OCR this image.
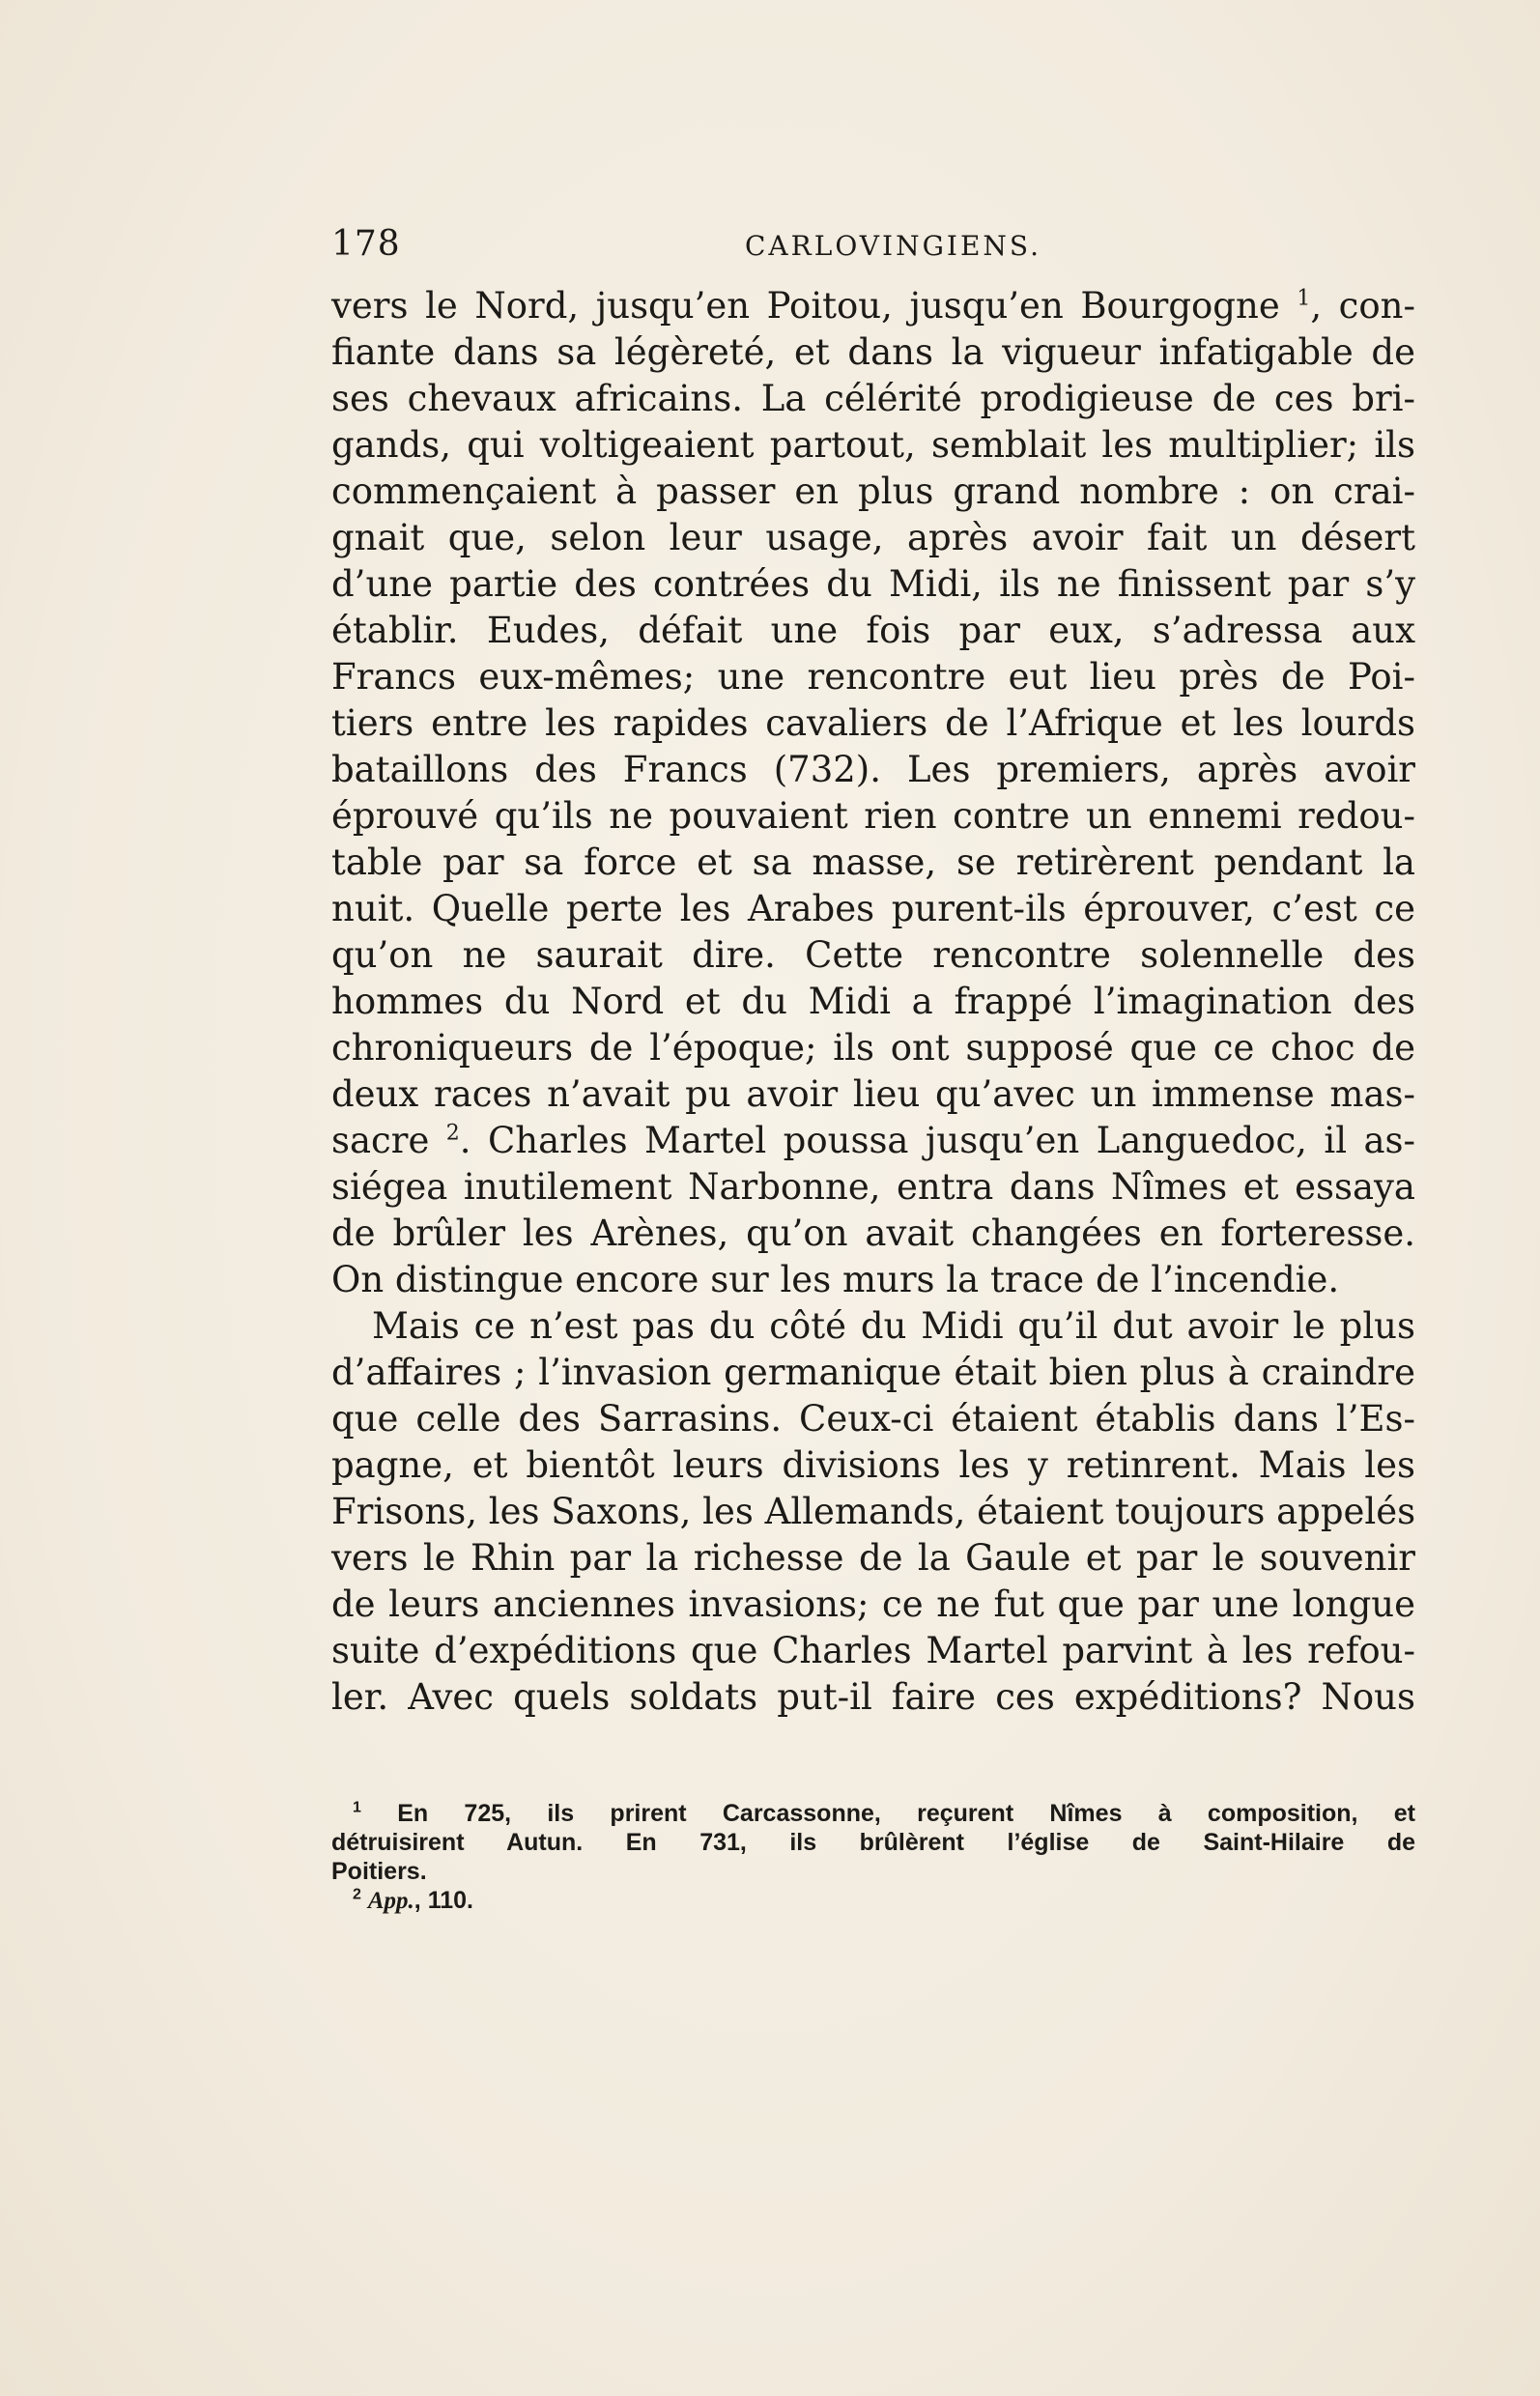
178	CARLOVINGIENS.
vers le Nord, jusqu’en Poitou, jusqu’en Bourgogne $^1$, con-
fiante dans sa légèreté, et dans la vigueur infatigable de
ses chevaux africains. La célérité prodigieuse de ces bri-
gands, qui voltigeaient partout, semblait les multiplier; ils
commençaient à passer en plus grand nombre : on crai-
gnait que, selon leur usage, après avoir fait un désert
d’une partie des contrées du Midi, ils ne finissent par s’y
établir. Eudes, défait une fois par eux, s’adressa aux
Francs eux-mêmes; une rencontre eut lieu près de Poi-
tiers entre les rapides cavaliers de l’Afrique et les lourds
bataillons des Francs (732). Les premiers, après avoir
éprouvé qu’ils ne pouvaient rien contre un ennemi redou-
table par sa force et sa masse, se retirèrent pendant la
nuit. Quelle perte les Arabes purent-ils éprouver, c’est ce
qu’on ne saurait dire. Cette rencontre solennelle des
hommes du Nord et du Midi a frappé l’imagination des
chroniqueurs de l’époque; ils ont supposé que ce choc de
deux races n’avait pu avoir lieu qu’avec un immense mas-
sacre $^2$. Charles Martel poussa jusqu’en Languedoc, il as-
siégea inutilement Narbonne, entra dans Nîmes et essaya
de brûler les Arènes, qu’on avait changées en forteresse.
On distingue encore sur les murs la trace de l’incendie.
Mais ce n’est pas du côté du Midi qu’il dut avoir le plus
d’affaires ; l’invasion germanique était bien plus à craindre
que celle des Sarrasins. Ceux-ci étaient établis dans l’Es-
pagne, et bientôt leurs divisions les y retinrent. Mais les
Frisons, les Saxons, les Allemands, étaient toujours appelés
vers le Rhin par la richesse de la Gaule et par le souvenir
de leurs anciennes invasions; ce ne fut que par une longue
suite d’expéditions que Charles Martel parvint à les refou-
ler. Avec quels soldats put-il faire ces expéditions? Nous
$^1$ En 725, ils prirent Carcassonne, reçurent Nîmes à composition, et
détruisirent Autun. En 731, ils brûlèrent l’église de Saint-Hilaire de
Poitiers.
$^2$ App., 110.
